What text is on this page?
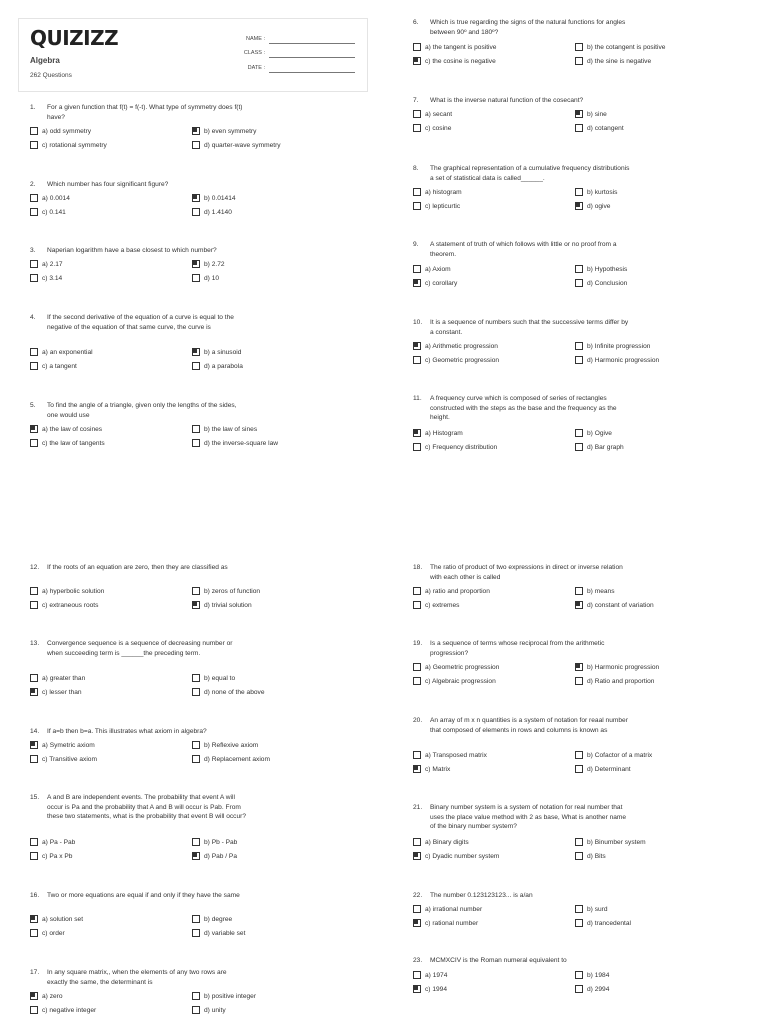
QUIZIZZ
Algebra
262 Questions
NAME :
CLASS :
DATE :
1. For a given function that f(t) = f(-t). What type of symmetry does f(t) have?
a) odd symmetry	b) even symmetry
c) rotational symmetry	d) quarter-wave symmetry
2. Which number has four significant figure?
a) 0.0014	b) 0.01414
c) 0.141	d) 1.4140
3. Naperian logarithm have a base closest to which number?
a) 2.17	b) 2.72
c) 3.14	d) 10
4. If the second derivative of the equation of a curve is equal to the negative of the equation of that same curve, the curve is
a) an exponential	b) a sinusoid
c) a tangent	d) a parabola
5. To find the angle of a triangle, given only the lengths of the sides, one would use
a) the law of cosines	b) the law of sines
c) the law of tangents	d) the inverse-square law
6. Which is true regarding the signs of the natural functions for angles between 90º and 180º?
a) the tangent is positive	b) the cotangent is positive
c) the cosine is negative	d) the sine is negative
7. What is the inverse natural function of the cosecant?
a) secant	b) sine
c) cosine	d) cotangent
8. The graphical representation of a cumulative frequency distributionis a set of statistical data is called______.
a) histogram	b) kurtosis
c) lepticurtic	d) ogive
9. A statement of truth of which follows with little or no proof from a theorem.
a) Axiom	b) Hypothesis
c) corollary	d) Conclusion
10. It is a sequence of numbers such that the successive terms differ by a constant.
a) Arithmetic progression	b) Infinite progression
c) Geometric progression	d) Harmonic progression
11. A frequency curve which is composed of series of rectangles constructed with the steps as the base and the frequency as the height.
a) Histogram	b) Ogive
c) Frequency distribution	d) Bar graph
12. If the roots of an equation are zero, then they are classified as
a) hyperbolic solution	b) zeros of function
c) extraneous roots	d) trivial solution
13. Convergence sequence is a sequence of decreasing number or when succeeding term is ______the preceding term.
a) greater than	b) equal to
c) lesser than	d) none of the above
14. If a=b then b=a. This illustrates what axiom in algebra?
a) Symetric axiom	b) Reflexive axiom
c) Transitive axiom	d) Replacement axiom
15. A and B are independent events. The probability that event A will occur is Pa and the probability that A and B will occur is Pab. From these two statements, what is the probability that event B will occur?
a) Pa - Pab	b) Pb - Pab
c) Pa x Pb	d) Pab / Pa
16. Two or more equations are equal if and only if they have the same
a) solution set	b) degree
c) order	d) variable set
17. In any square matrix,, when the elements of any two rows are exactly the same, the determinant is
a) zero	b) positive integer
c) negative integer	d) unity
18. The ratio of product of two expressions in direct or inverse relation with each other is called
a) ratio and proportion	b) means
c) extremes	d) constant of variation
19. Is a sequence of terms whose reciprocal from the arithmetic progression?
a) Geometric progression	b) Harmonic progression
c) Algebraic progression	d) Ratio and proportion
20. An array of m x n quantities is a system of notation for reaal number that composed of elements in rows and columns is known as
a) Transposed matrix	b) Cofactor of a matrix
c) Matrix	d) Determinant
21. Binary number system is a system of notation for real number that uses the place value method with 2 as base, What is another name of the binary number system?
a) Binary digits	b) Binumber system
c) Dyadic number system	d) Bits
22. The number 0.123123123... is a/an
a) irrational number	b) surd
c) rational number	d) trancedental
23. MCMXCIV is the Roman numeral equivalent to
a) 1974	b) 1984
c) 1994	d) 2994
